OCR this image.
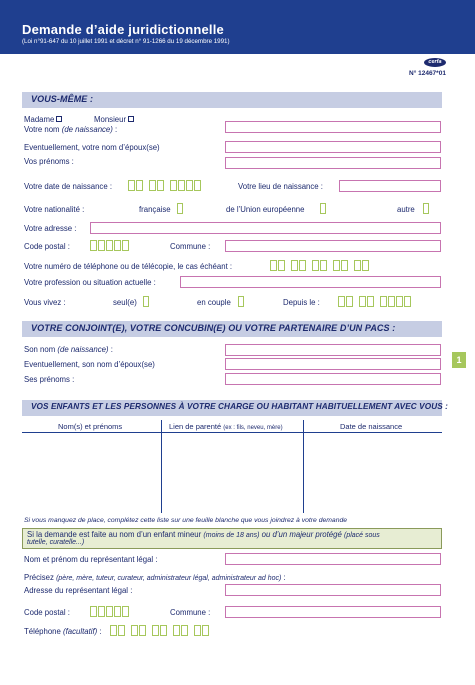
Demande d’aide juridictionnelle
(Loi n°91-647 du 10 juillet 1991 et décret n° 91-1266 du 19 décembre 1991)
cerfa
N° 12467*01
VOUS-MÊME :
Madame	Monsieur
Votre nom (de naissance) :
Eventuellement, votre nom d’époux(se)
Vos prénoms :
Votre date de naissance :	Votre lieu de naissance :
Votre nationalité :	française	de l’Union européenne	autre
Votre adresse :
Code postal :	Commune :
Votre numéro de téléphone ou de télécopie, le cas échéant :
Votre profession ou situation actuelle :
Vous vivez :	seul(e)	en couple	Depuis le :
VOTRE CONJOINT(E), VOTRE CONCUBIN(E) OU VOTRE PARTENAIRE D’UN PACS :
Son nom (de naissance) :
Eventuellement, son nom d’époux(se)
Ses prénoms :
1
VOS ENFANTS ET LES PERSONNES À VOTRE CHARGE OU HABITANT HABITUELLEMENT AVEC VOUS :
Nom(s) et prénoms	Lien de parenté (ex : fils, neveu, mère)	Date de naissance
Si vous manquez de place, complétez cette liste sur une feuille blanche que vous joindrez à votre demande
Si la demande est faite au nom d’un enfant mineur (moins de 18 ans) ou d’un majeur protégé (placé sous
tutelle, curatelle...)
Nom et prénom du représentant légal :
Précisez (père, mère, tuteur, curateur, administrateur légal, administrateur ad hoc) :
Adresse du représentant légal :
Code postal :	Commune :
Téléphone (facultatif) :
